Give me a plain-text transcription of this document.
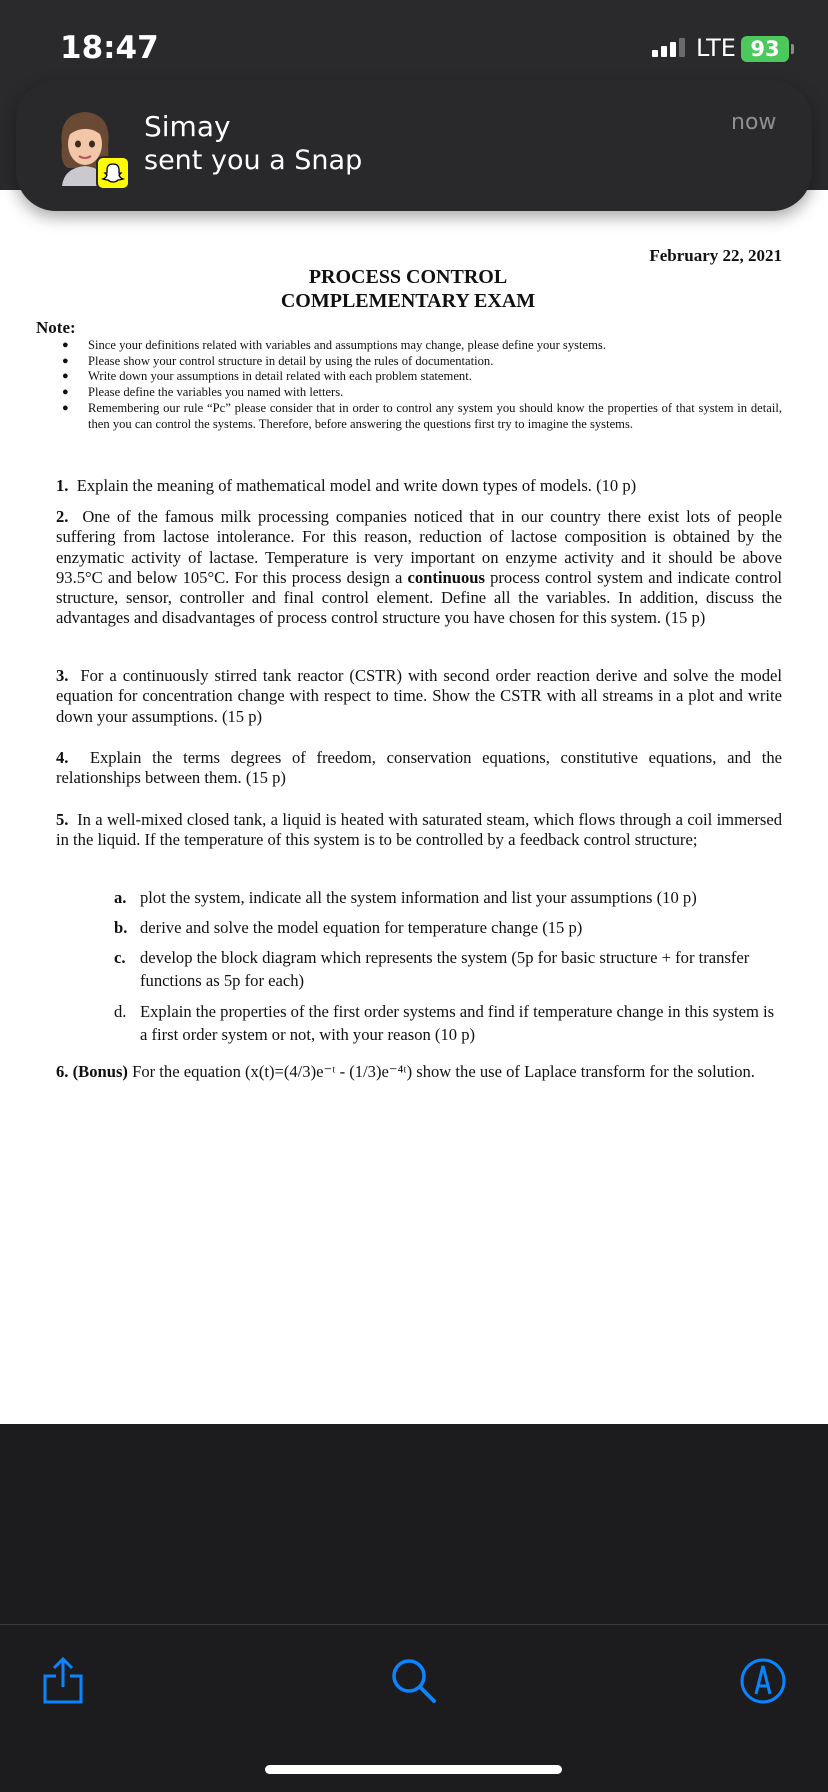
18:47	LTE 93
February 22, 2021
PROCESS CONTROL
COMPLEMENTARY EXAM
Note:
●	Since your definitions related with variables and assumptions may change, please define your systems.
●	Please show your control structure in detail by using the rules of documentation.
●	Write down your assumptions in detail related with each problem statement.
●	Please define the variables you named with letters.
●	Remembering our rule “Pc” please consider that in order to control any system you should know the properties of that system in detail, then you can control the systems. Therefore, before answering the questions first try to imagine the systems.
1. Explain the meaning of mathematical model and write down types of models. (10 p)
2. One of the famous milk processing companies noticed that in our country there exist lots of people suffering from lactose intolerance. For this reason, reduction of lactose composition is obtained by the enzymatic activity of lactase. Temperature is very important on enzyme activity and it should be above 93.5°C and below 105°C. For this process design a continuous process control system and indicate control structure, sensor, controller and final control element. Define all the variables. In addition, discuss the advantages and disadvantages of process control structure you have chosen for this system. (15 p)
3. For a continuously stirred tank reactor (CSTR) with second order reaction derive and solve the model equation for concentration change with respect to time. Show the CSTR with all streams in a plot and write down your assumptions. (15 p)
4. Explain the terms degrees of freedom, conservation equations, constitutive equations, and the relationships between them. (15 p)
5. In a well-mixed closed tank, a liquid is heated with saturated steam, which flows through a coil immersed in the liquid. If the temperature of this system is to be controlled by a feedback control structure;
a. plot the system, indicate all the system information and list your assumptions (10 p)
b. derive and solve the model equation for temperature change (15 p)
c. develop the block diagram which represents the system (5p for basic structure + for transfer functions as 5p for each)
d. Explain the properties of the first order systems and find if temperature change in this system is a first order system or not, with your reason (10 p)
6. (Bonus) For the equation (x(t)=(4/3)e⁻ᵗ - (1/3)e⁻⁴ᵗ) show the use of Laplace transform for the solution.
Simay
sent you a Snap
now
